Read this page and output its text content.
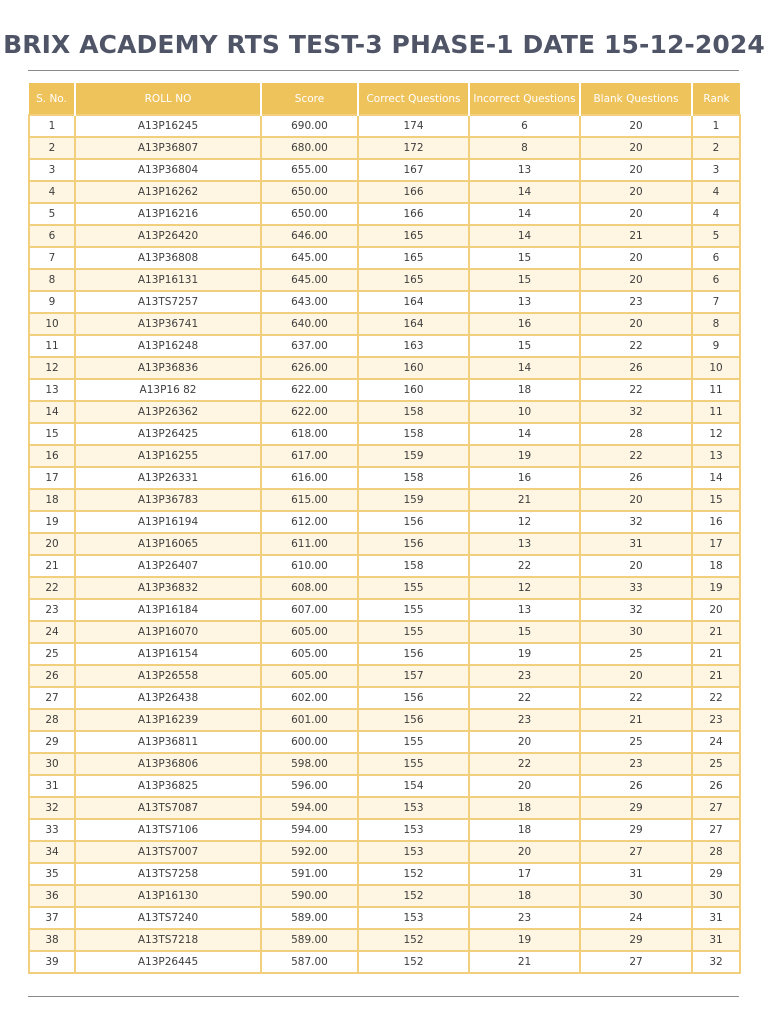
BRIX ACADEMY RTS TEST-3 PHASE-1 DATE 15-12-2024
S. No.	ROLL NO	Score	Correct Questions	Incorrect Questions	Blank Questions	Rank
1	A13P16245	690.00	174	6	20	1
2	A13P36807	680.00	172	8	20	2
3	A13P36804	655.00	167	13	20	3
4	A13P16262	650.00	166	14	20	4
5	A13P16216	650.00	166	14	20	4
6	A13P26420	646.00	165	14	21	5
7	A13P36808	645.00	165	15	20	6
8	A13P16131	645.00	165	15	20	6
9	A13TS7257	643.00	164	13	23	7
10	A13P36741	640.00	164	16	20	8
11	A13P16248	637.00	163	15	22	9
12	A13P36836	626.00	160	14	26	10
13	A13P16 82	622.00	160	18	22	11
14	A13P26362	622.00	158	10	32	11
15	A13P26425	618.00	158	14	28	12
16	A13P16255	617.00	159	19	22	13
17	A13P26331	616.00	158	16	26	14
18	A13P36783	615.00	159	21	20	15
19	A13P16194	612.00	156	12	32	16
20	A13P16065	611.00	156	13	31	17
21	A13P26407	610.00	158	22	20	18
22	A13P36832	608.00	155	12	33	19
23	A13P16184	607.00	155	13	32	20
24	A13P16070	605.00	155	15	30	21
25	A13P16154	605.00	156	19	25	21
26	A13P26558	605.00	157	23	20	21
27	A13P26438	602.00	156	22	22	22
28	A13P16239	601.00	156	23	21	23
29	A13P36811	600.00	155	20	25	24
30	A13P36806	598.00	155	22	23	25
31	A13P36825	596.00	154	20	26	26
32	A13TS7087	594.00	153	18	29	27
33	A13TS7106	594.00	153	18	29	27
34	A13TS7007	592.00	153	20	27	28
35	A13TS7258	591.00	152	17	31	29
36	A13P16130	590.00	152	18	30	30
37	A13TS7240	589.00	153	23	24	31
38	A13TS7218	589.00	152	19	29	31
39	A13P26445	587.00	152	21	27	32
